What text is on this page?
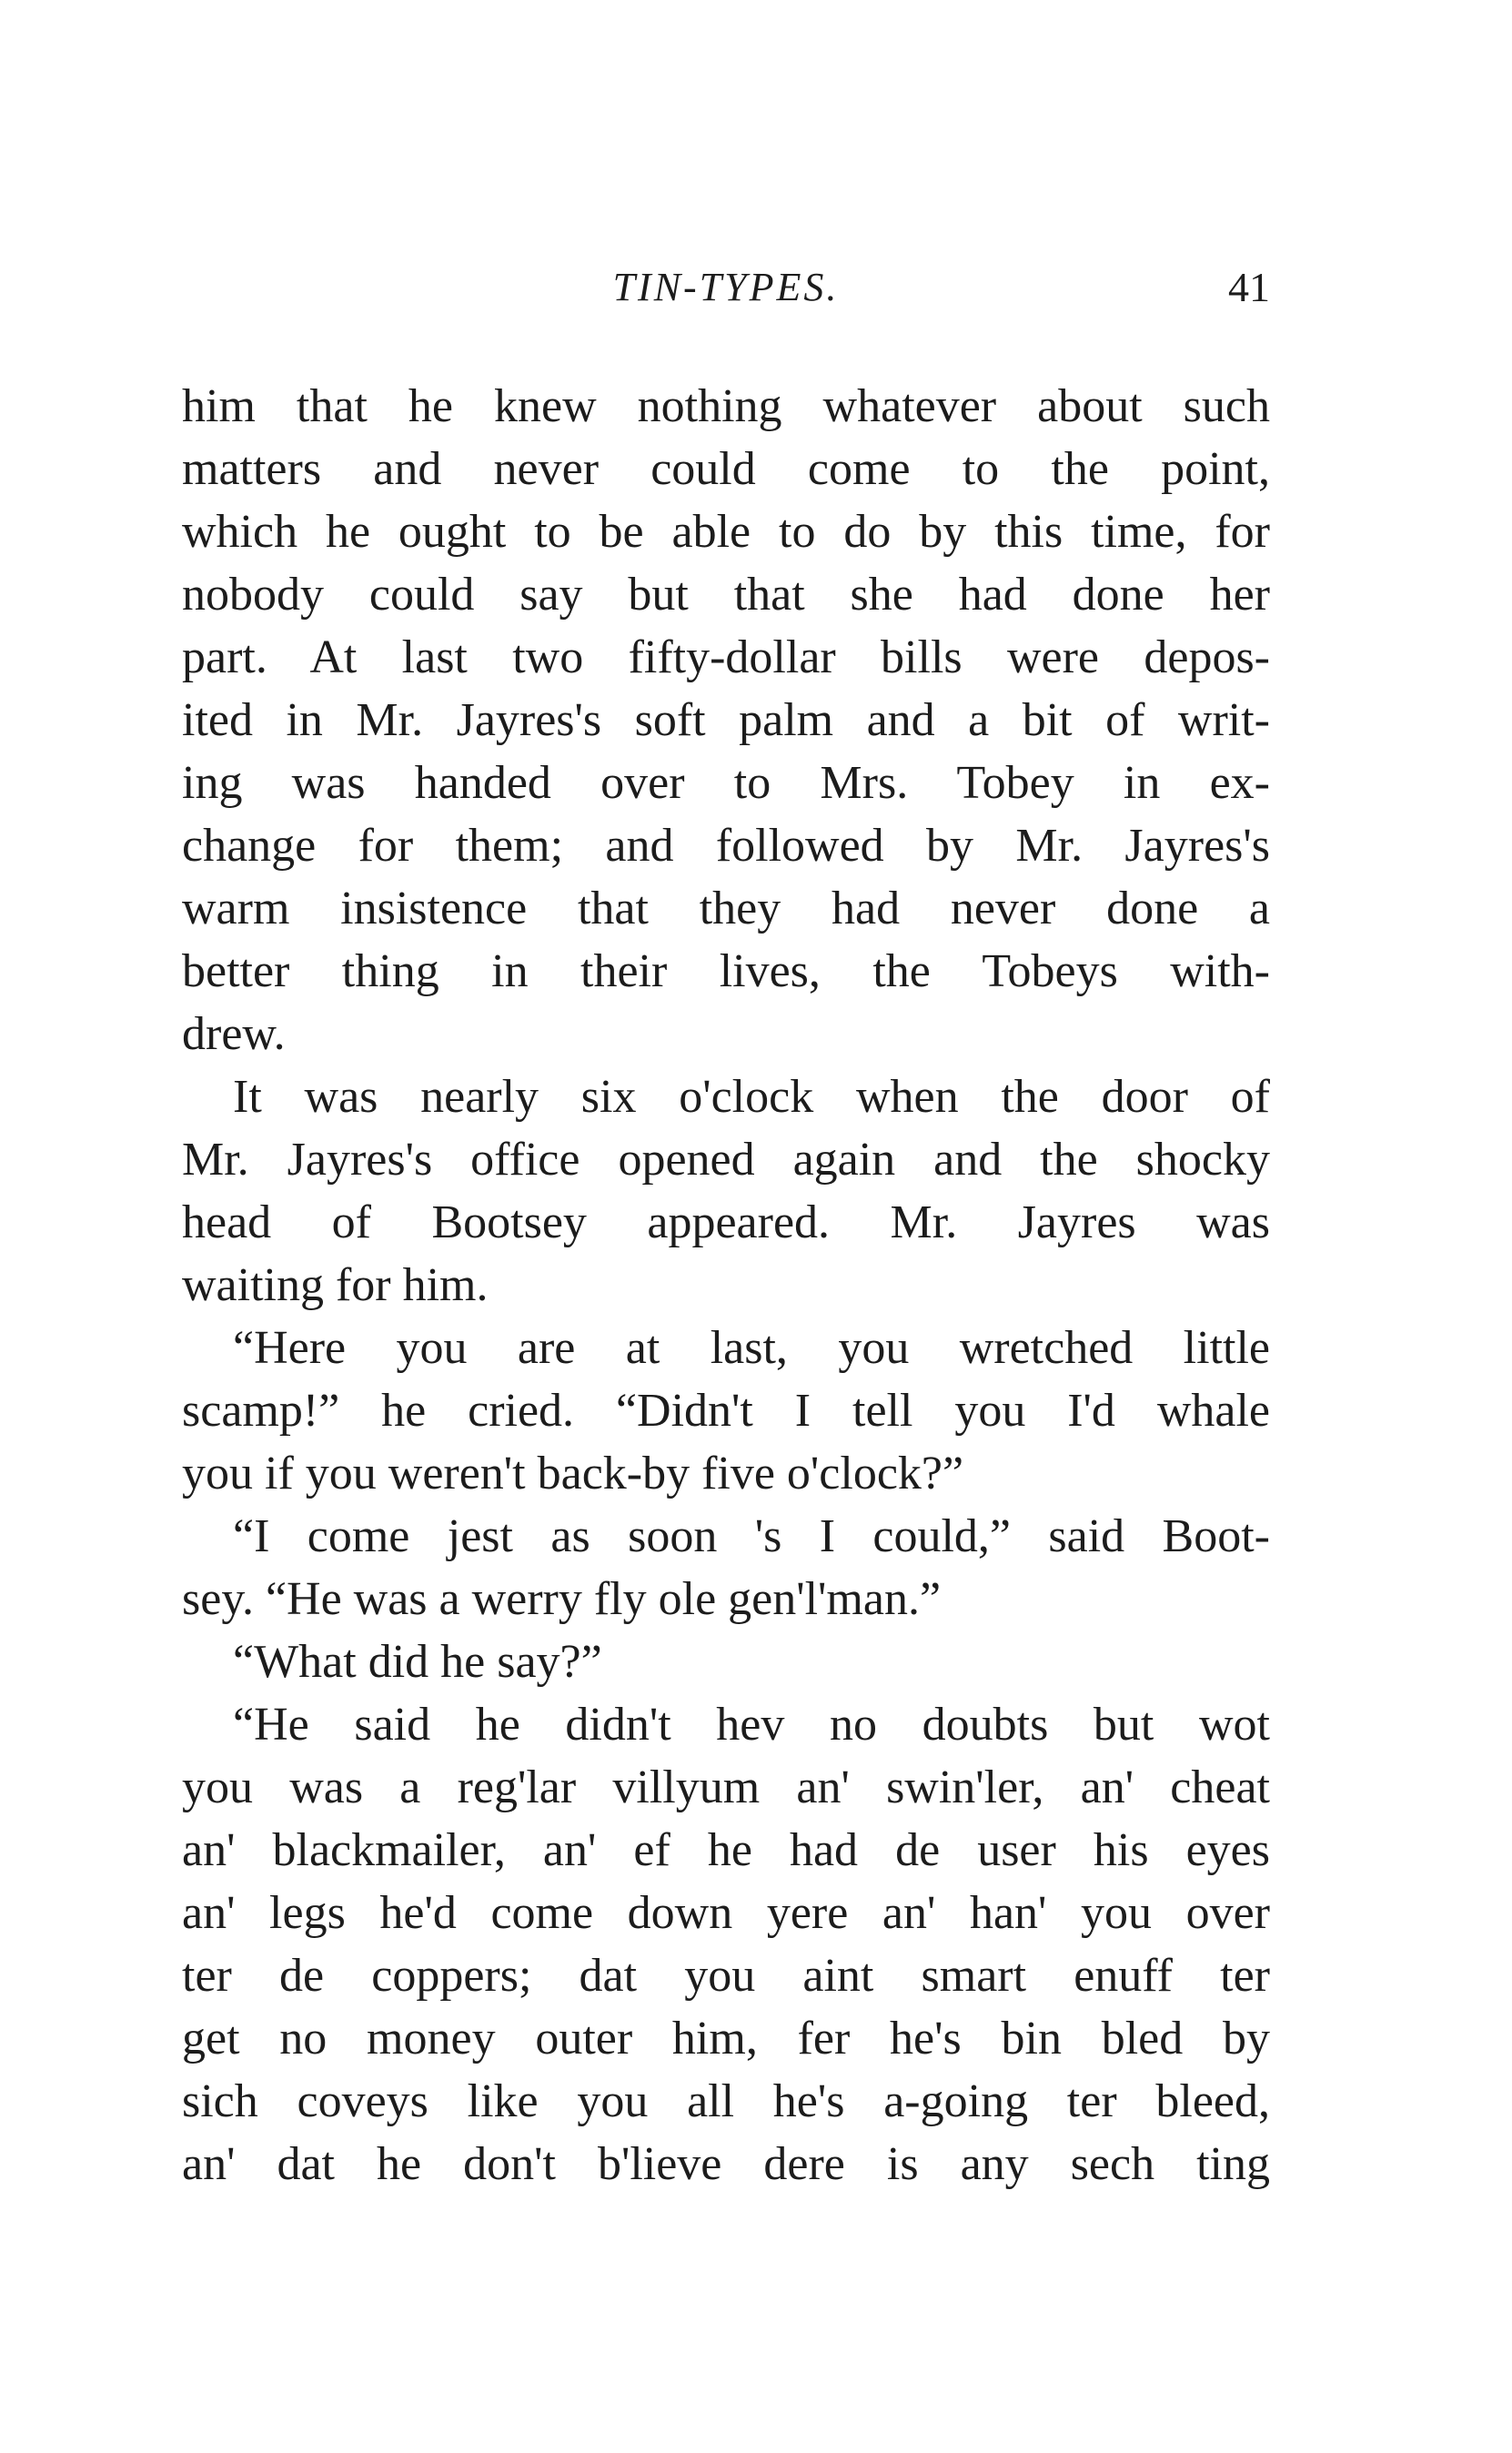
TIN-TYPES.	41
him that he knew nothing whatever about such
matters and never could come to the point,
which he ought to be able to do by this time, for
nobody could say but that she had done her
part. At last two fifty-dollar bills were depos-
ited in Mr. Jayres's soft palm and a bit of writ-
ing was handed over to Mrs. Tobey in ex-
change for them; and followed by Mr. Jayres's
warm insistence that they had never done a
better thing in their lives, the Tobeys with-
drew.
It was nearly six o'clock when the door of
Mr. Jayres's office opened again and the shocky
head of Bootsey appeared. Mr. Jayres was
waiting for him.
“Here you are at last, you wretched little
scamp!” he cried. “Didn't I tell you I'd whale
you if you weren't back-by five o'clock?”
“I come jest as soon 's I could,” said Boot-
sey. “He was a werry fly ole gen'l'man.”
“What did he say?”
“He said he didn't hev no doubts but wot
you was a reg'lar villyum an' swin'ler, an' cheat
an' blackmailer, an' ef he had de user his eyes
an' legs he'd come down yere an' han' you over
ter de coppers; dat you aint smart enuff ter
get no money outer him, fer he's bin bled by
sich coveys like you all he's a-going ter bleed,
an' dat he don't b'lieve dere is any sech ting
